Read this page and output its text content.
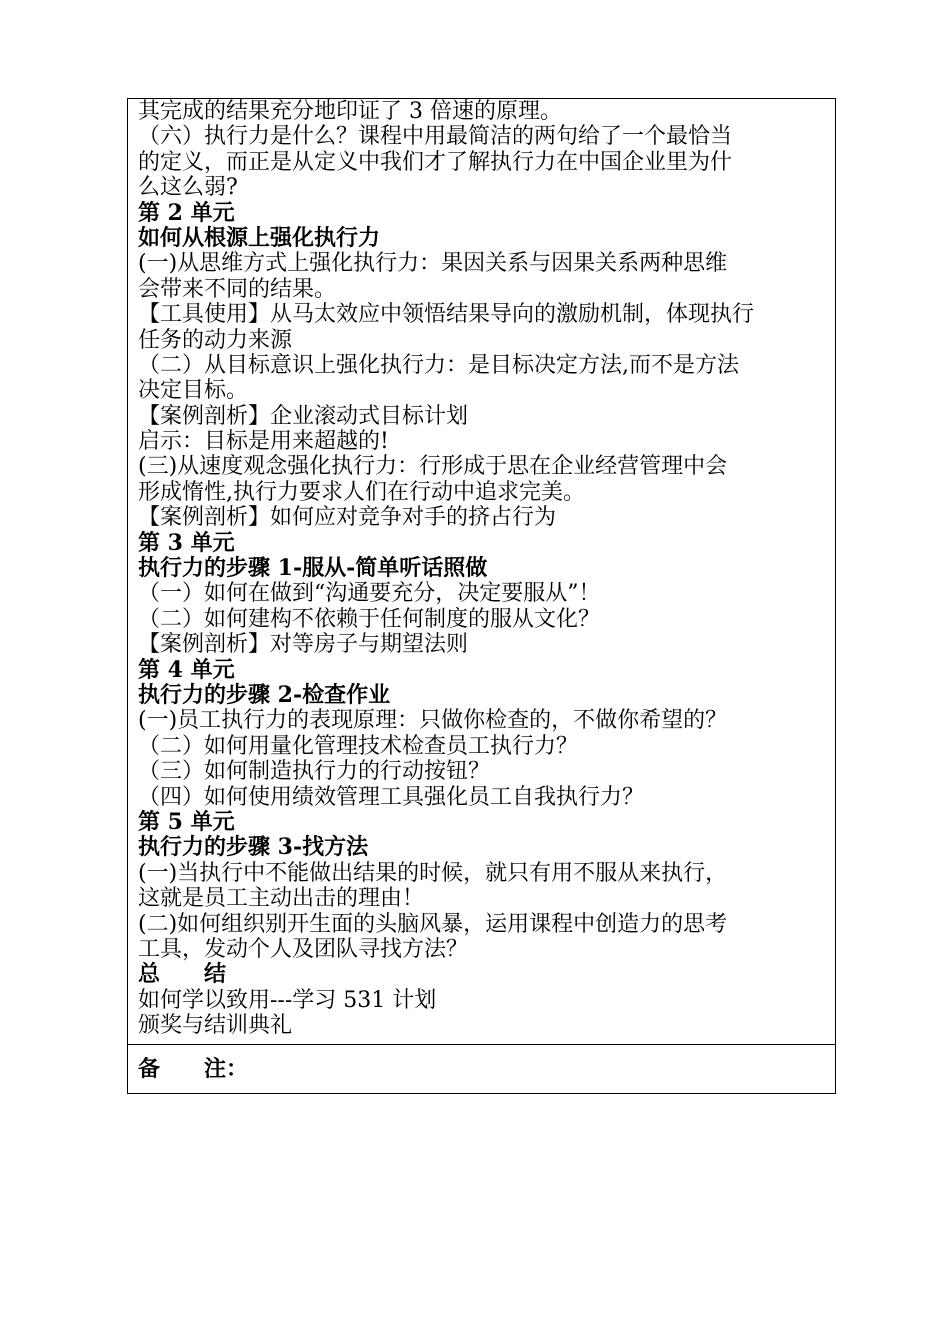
其完成的结果充分地印证了 3 倍速的原理。
（六）执行力是什么？课程中用最简洁的两句给了一个最恰当
的定义，而正是从定义中我们才了解执行力在中国企业里为什
么这么弱?
第 2 单元
如何从根源上强化执行力
(一)从思维方式上强化执行力：果因关系与因果关系两种思维
会带来不同的结果。
【工具使用】从马太效应中领悟结果导向的激励机制，体现执行
任务的动力来源
（二）从目标意识上强化执行力：是目标决定方法,而不是方法
决定目标。
【案例剖析】企业滚动式目标计划
启示：目标是用来超越的!
(三)从速度观念强化执行力：行形成于思在企业经营管理中会
形成惰性,执行力要求人们在行动中追求完美。
【案例剖析】如何应对竞争对手的挤占行为
第 3 单元
执行力的步骤 1-服从-简单听话照做
（一）如何在做到“沟通要充分，决定要服从”！
（二）如何建构不依赖于任何制度的服从文化？
【案例剖析】对等房子与期望法则
第 4 单元
执行力的步骤 2-检查作业
(一)员工执行力的表现原理：只做你检查的，不做你希望的？
（二）如何用量化管理技术检查员工执行力？
（三）如何制造执行力的行动按钮？
（四）如何使用绩效管理工具强化员工自我执行力？
第 5 单元
执行力的步骤 3-找方法
(一)当执行中不能做出结果的时候，就只有用不服从来执行，
这就是员工主动出击的理由！
(二)如何组织别开生面的头脑风暴，运用课程中创造力的思考
工具，发动个人及团队寻找方法？
总　　结
如何学以致用---学习 531 计划
颁奖与结训典礼
备　　注：
